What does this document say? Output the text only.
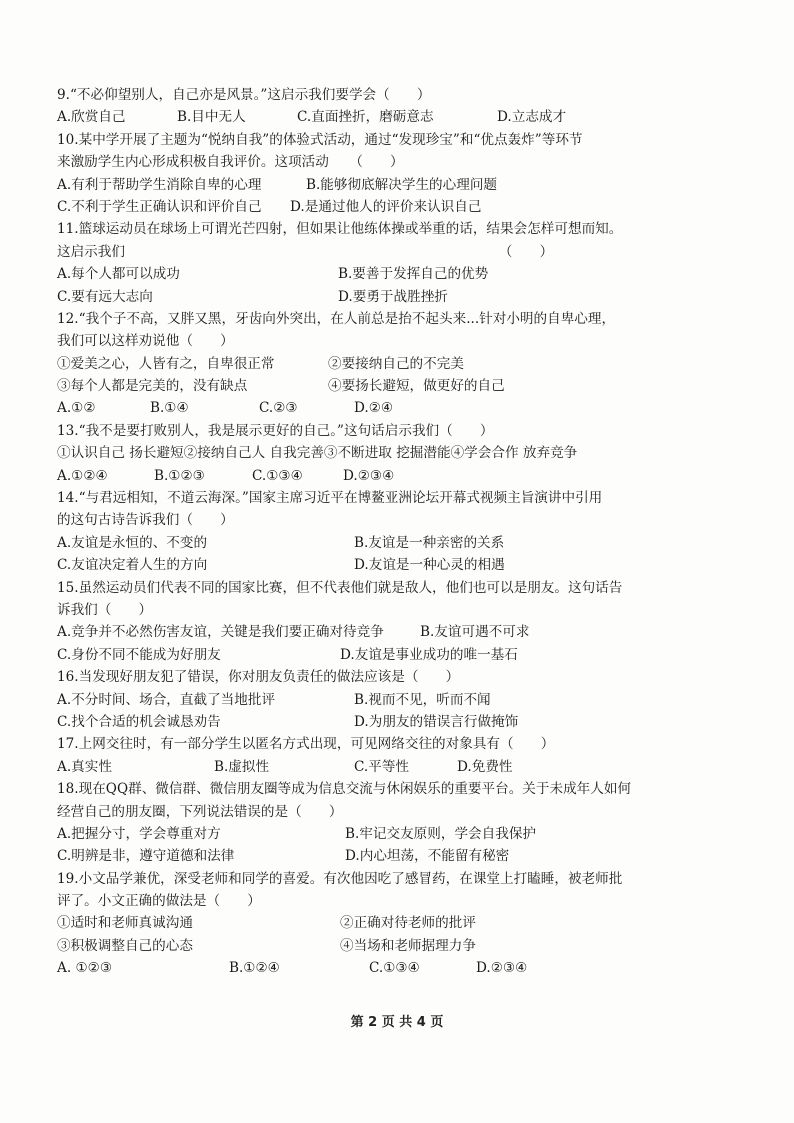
9.“不必仰望别人，自己亦是风景。”这启示我们要学会（　　）
A.欣赏自己	B.目中无人	C.直面挫折，磨砺意志	D.立志成才
10.某中学开展了主题为“悦纳自我”的体验式活动，通过“发现珍宝”和“优点轰炸”等环节
来激励学生内心形成积极自我评价。这项活动　　（　　）
A.有利于帮助学生消除自卑的心理	B.能够彻底解决学生的心理问题
C.不利于学生正确认识和评价自己	D.是通过他人的评价来认识自己
11.篮球运动员在球场上可谓光芒四射，但如果让他练体操或举重的话，结果会怎样可想而知。
这启示我们　　　　　　　　　　　　　　　　　　　　　　　　　　　　（　　）
A.每个人都可以成功	B.要善于发挥自己的优势
C.要有远大志向	D.要勇于战胜挫折
12.“我个子不高，又胖又黑，牙齿向外突出，在人前总是抬不起头来...针对小明的自卑心理，
我们可以这样劝说他（　　）
①爱美之心，人皆有之，自卑很正常	②要接纳自己的不完美
③每个人都是完美的，没有缺点	④要扬长避短，做更好的自己
A.①②	B.①④	C.②③	D.②④
13.“我不是要打败别人，我是展示更好的自己。”这句话启示我们（　　）
①认识自己 扬长避短②接纳自己人 自我完善③不断进取 挖掘潜能④学会合作 放弃竞争
A.①②④	B.①②③	C.①③④	D.②③④
14.“与君远相知，不道云海深。”国家主席习近平在博鳌亚洲论坛开幕式视频主旨演讲中引用
的这句古诗告诉我们（　　）
A.友谊是永恒的、不变的	B.友谊是一种亲密的关系
C.友谊决定着人生的方向	D.友谊是一种心灵的相遇
15.虽然运动员们代表不同的国家比赛，但不代表他们就是敌人，他们也可以是朋友。这句话告
诉我们（　　）
A.竞争并不必然伤害友谊，关键是我们要正确对待竞争	B.友谊可遇不可求
C.身份不同不能成为好朋友	D.友谊是事业成功的唯一基石
16.当发现好朋友犯了错误，你对朋友负责任的做法应该是（　　）
A.不分时间、场合，直截了当地批评	B.视而不见，听而不闻
C.找个合适的机会诚恳劝告	D.为朋友的错误言行做掩饰
17.上网交往时，有一部分学生以匿名方式出现，可见网络交往的对象具有（　　）
A.真实性	B.虚拟性	C.平等性	D.免费性
18.现在QQ群、微信群、微信朋友圈等成为信息交流与休闲娱乐的重要平台。关于未成年人如何
经营自己的朋友圈，下列说法错误的是（　　）
A.把握分寸，学会尊重对方	B.牢记交友原则，学会自我保护
C.明辨是非，遵守道德和法律	D.内心坦荡，不能留有秘密
19.小文品学兼优，深受老师和同学的喜爱。有次他因吃了感冒药，在课堂上打瞌睡，被老师批
评了。小文正确的做法是（　　）
①适时和老师真诚沟通	②正确对待老师的批评
③积极调整自己的心态	④当场和老师据理力争
A. ①②③	B.①②④	C.①③④	D.②③④
第 2 页 共 4 页
